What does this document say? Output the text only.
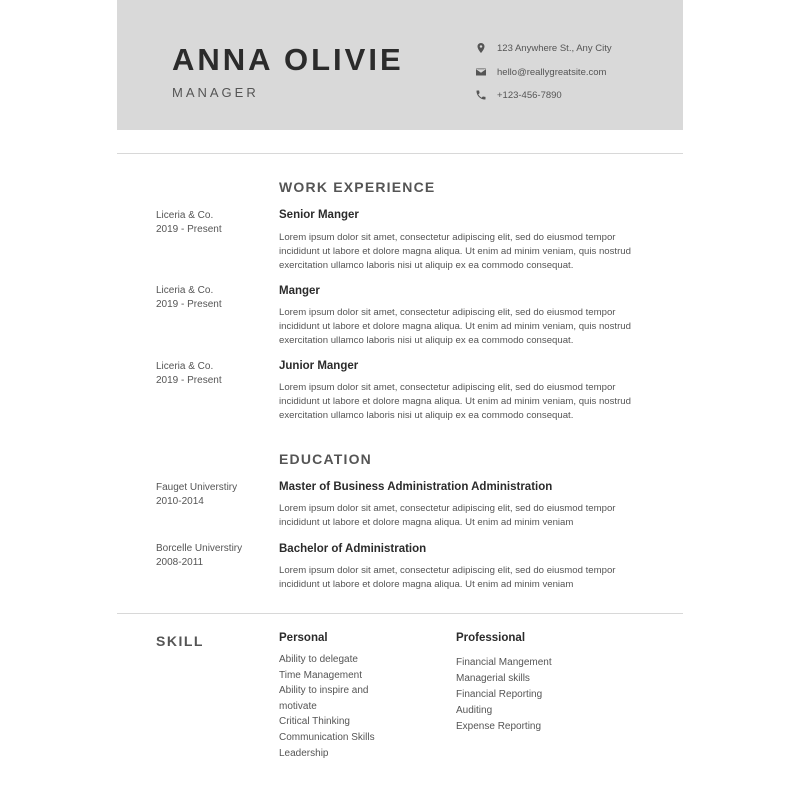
ANNA OLIVIE
MANAGER
123 Anywhere St., Any City
hello@reallygreatsite.com
+123-456-7890
WORK EXPERIENCE
Liceria & Co.
2019 - Present
Senior Manger
Lorem ipsum dolor sit amet, consectetur adipiscing elit, sed do eiusmod tempor incididunt ut labore et dolore magna aliqua. Ut enim ad minim veniam, quis nostrud exercitation ullamco laboris nisi ut aliquip ex ea commodo consequat.
Liceria & Co.
2019 - Present
Manger
Lorem ipsum dolor sit amet, consectetur adipiscing elit, sed do eiusmod tempor incididunt ut labore et dolore magna aliqua. Ut enim ad minim veniam, quis nostrud exercitation ullamco laboris nisi ut aliquip ex ea commodo consequat.
Liceria & Co.
2019 - Present
Junior Manger
Lorem ipsum dolor sit amet, consectetur adipiscing elit, sed do eiusmod tempor incididunt ut labore et dolore magna aliqua. Ut enim ad minim veniam, quis nostrud exercitation ullamco laboris nisi ut aliquip ex ea commodo consequat.
EDUCATION
Fauget Universtiry
2010-2014
Master of Business Administration Administration
Lorem ipsum dolor sit amet, consectetur adipiscing elit, sed do eiusmod tempor incididunt ut labore et dolore magna aliqua. Ut enim ad minim veniam
Borcelle Universtiry
2008-2011
Bachelor of Administration
Lorem ipsum dolor sit amet, consectetur adipiscing elit, sed do eiusmod tempor incididunt ut labore et dolore magna aliqua. Ut enim ad minim veniam
SKILL	Personal
Ability to delegate
Time Management
Ability to inspire and
motivate
Critical Thinking
Communication Skills
Leadership
Professional
Financial Mangement
Managerial skills
Financial Reporting
Auditing
Expense Reporting
